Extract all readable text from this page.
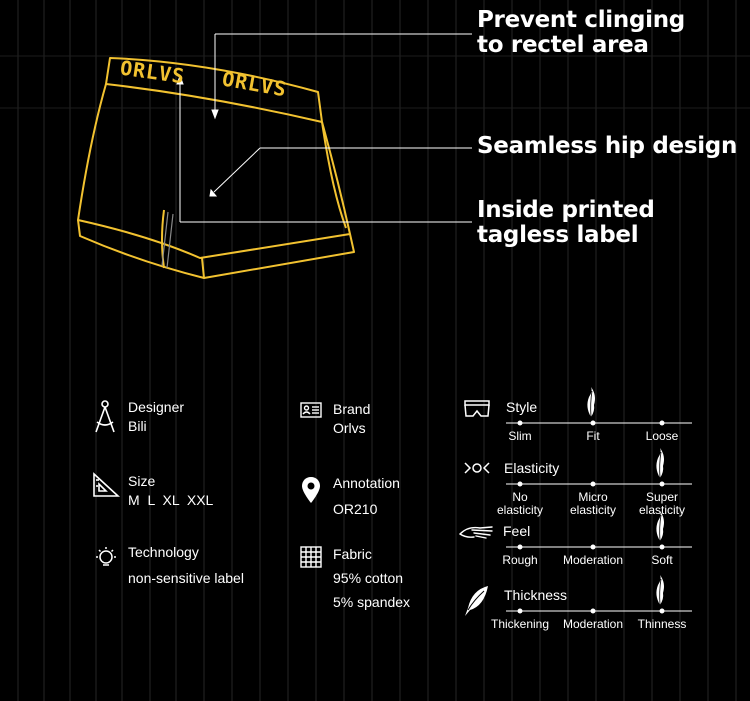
ORLVS ORLVS
Prevent clinging
to rectel area
Seamless hip design
Inside printed
tagless label
Designer
Bili
Size
M  L  XL  XXL
Technology
non-sensitive label
Brand
Orlvs
Annotation
OR210
Fabric
95% cotton
5% spandex
Style
Elasticity
Feel
Thickness
Slim	Fit	Loose
No
elasticity
Micro
elasticity
Super
elasticity
Rough	Moderation	Soft
Thickening	Moderation	Thinness
